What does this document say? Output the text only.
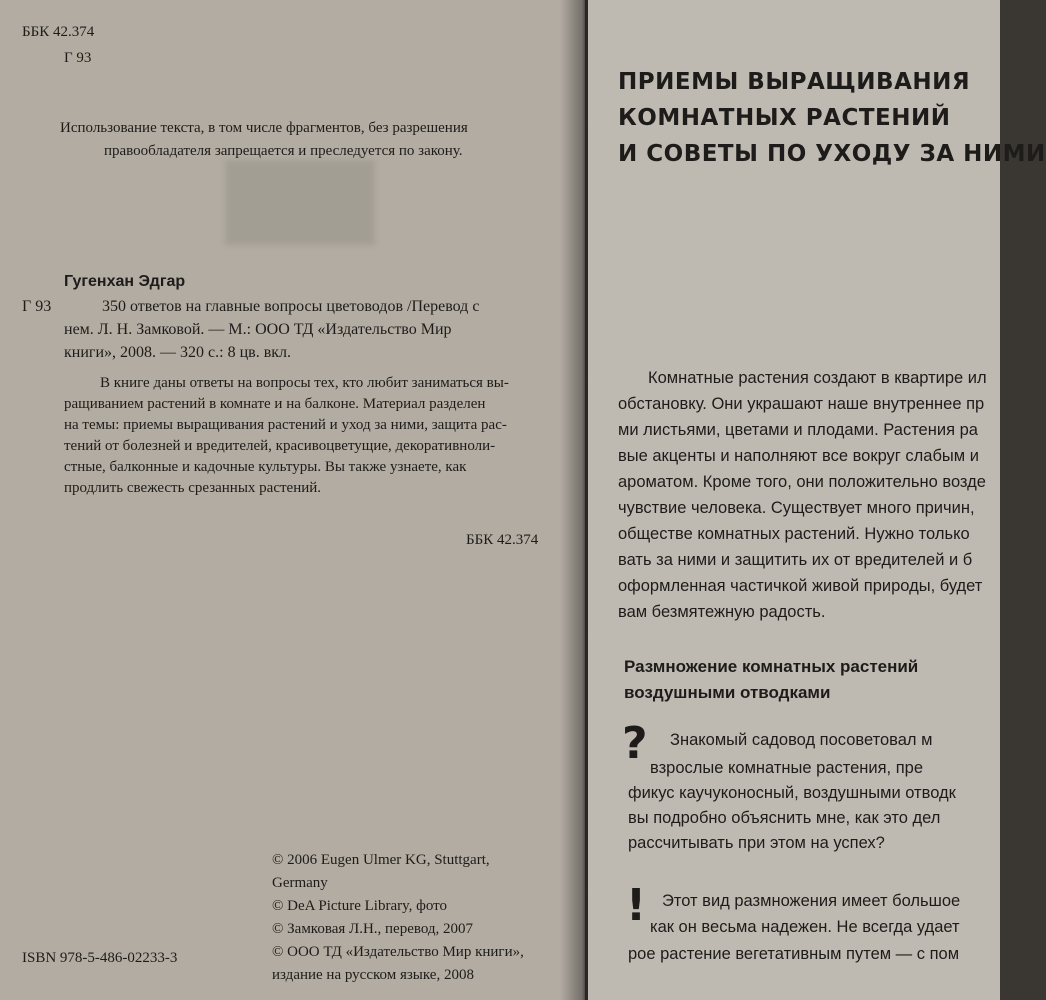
ББК 42.374
Г 93
Использование текста, в том числе фрагментов, без разрешения
правообладателя запрещается и преследуется по закону.
Гугенхан Эдгар
Г 93	350 ответов на главные вопросы цветоводов /Перевод с
нем. Л. Н. Замковой. — М.: ООО ТД «Издательство Мир
книги», 2008. — 320 с.: 8 цв. вкл.
В книге даны ответы на вопросы тех, кто любит заниматься вы-
ращиванием растений в комнате и на балконе. Материал разделен
на темы: приемы выращивания растений и уход за ними, защита рас-
тений от болезней и вредителей, красивоцветущие, декоративноли-
стные, балконные и кадочные культуры. Вы также узнаете, как
продлить свежесть срезанных растений.
ББК 42.374
© 2006 Eugen Ulmer KG, Stuttgart,
Germany
© DeA Picture Library, фото
© Замковая Л.Н., перевод, 2007
© ООО ТД «Издательство Мир книги»,
издание на русском языке, 2008
ISBN 978-5-486-02233-3
ПРИЕМЫ ВЫРАЩИВАНИЯ
КОМНАТНЫХ РАСТЕНИЙ
И СОВЕТЫ ПО УХОДУ ЗА НИМИ
Комнатные растения создают в квартире ил
обстановку. Они украшают наше внутреннее пр
ми листьями, цветами и плодами. Растения ра
вые акценты и наполняют все вокруг слабым и
ароматом. Кроме того, они положительно возде
чувствие человека. Существует много причин,
обществе комнатных растений. Нужно только
вать за ними и защитить их от вредителей и б
оформленная частичкой живой природы, будет
вам безмятежную радость.
Размножение комнатных растений
воздушными отводками
? Знакомый садовод посоветовал м
взрослые комнатные растения, пре
фикус каучуконосный, воздушными отводк
вы подробно объяснить мне, как это дел
рассчитывать при этом на успех?
! Этот вид размножения имеет большое
как он весьма надежен. Не всегда удает
рое растение вегетативным путем — с пом
